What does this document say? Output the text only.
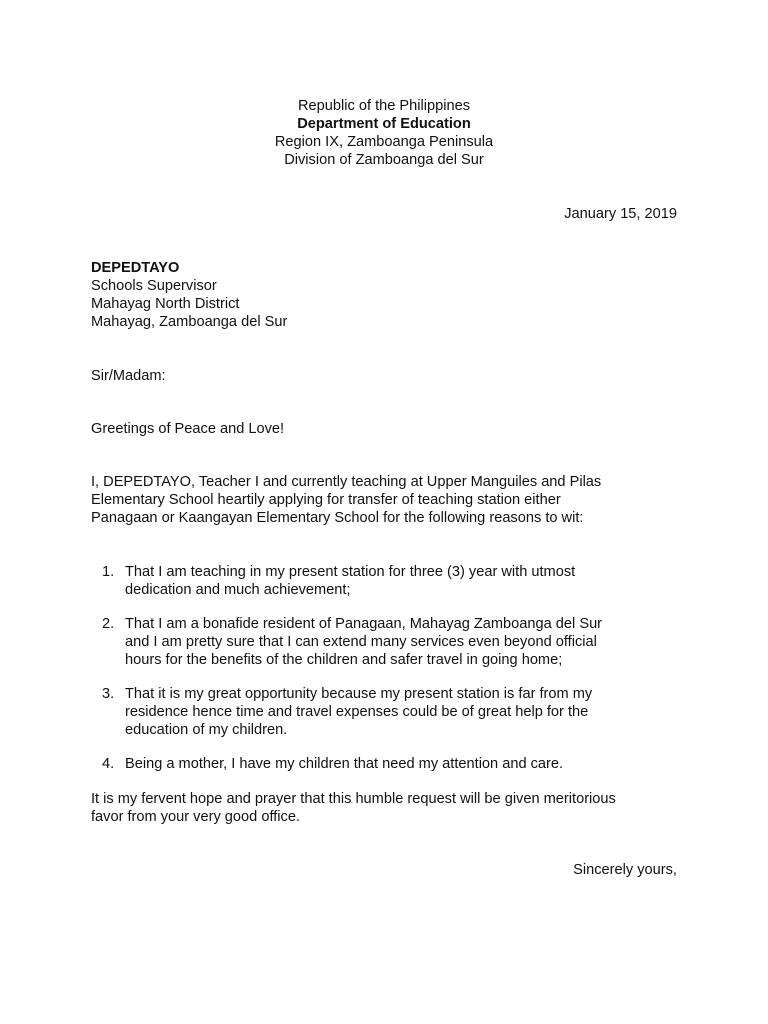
Republic of the Philippines
Department of Education
Region IX, Zamboanga Peninsula
Division of Zamboanga del Sur
January 15, 2019
DEPEDTAYO
Schools Supervisor
Mahayag North District
Mahayag, Zamboanga del Sur
Sir/Madam:
Greetings of Peace and Love!
I, DEPEDTAYO, Teacher I and currently teaching at Upper Manguiles and Pilas
Elementary School heartily applying for transfer of teaching station either
Panagaan or Kaangayan Elementary School for the following reasons to wit:
1. That I am teaching in my present station for three (3) year with utmost
dedication and much achievement;
2. That I am a bonafide resident of Panagaan, Mahayag Zamboanga del Sur
and I am pretty sure that I can extend many services even beyond official
hours for the benefits of the children and safer travel in going home;
3. That it is my great opportunity because my present station is far from my
residence hence time and travel expenses could be of great help for the
education of my children.
4. Being a mother, I have my children that need my attention and care.
It is my fervent hope and prayer that this humble request will be given meritorious
favor from your very good office.
Sincerely yours,
